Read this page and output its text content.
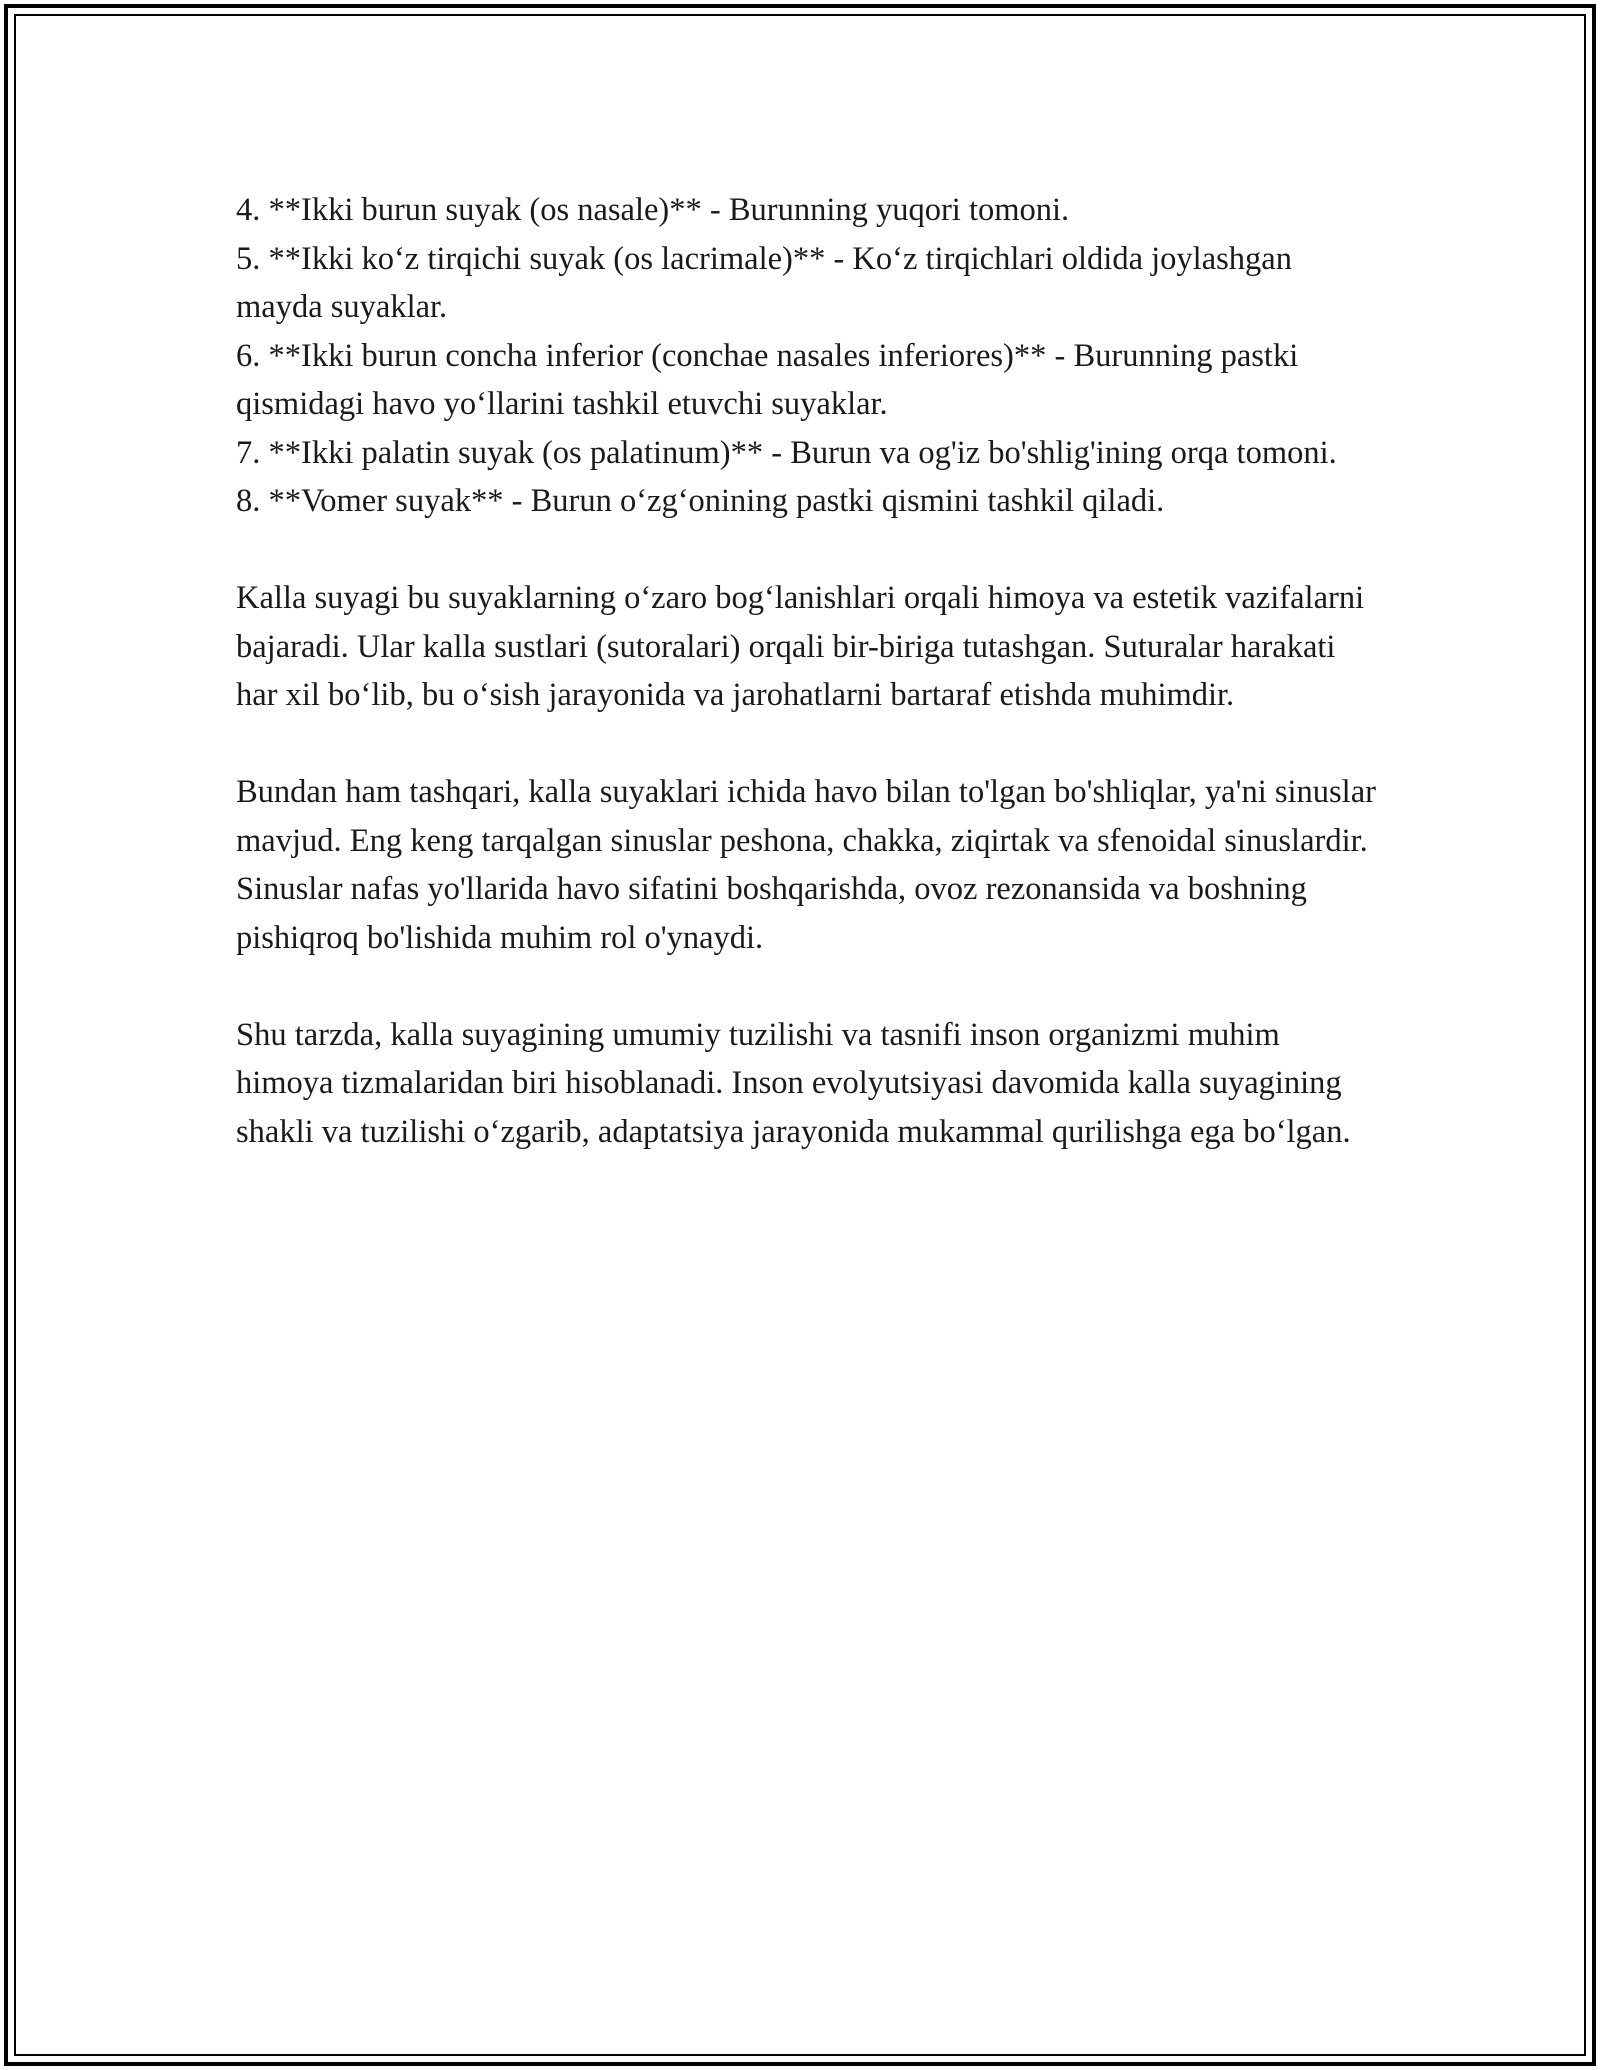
4. **Ikki burun suyak (os nasale)** - Burunning yuqori tomoni.

5. **Ikki ko‘z tirqichi suyak (os lacrimale)** - Ko‘z tirqichlari oldida joylashgan mayda suyaklar.

6. **Ikki burun concha inferior (conchae nasales inferiores)** - Burunning pastki qismidagi havo yo‘llarini tashkil etuvchi suyaklar.

7. **Ikki palatin suyak (os palatinum)** - Burun va og'iz bo'shlig'ining orqa tomoni.

8. **Vomer suyak** - Burun o‘zg‘onining pastki qismini tashkil qiladi.

Kalla suyagi bu suyaklarning o‘zaro bog‘lanishlari orqali himoya va estetik vazifalarni bajaradi. Ular kalla sustlari (sutoralari) orqali bir-biriga tutashgan. Suturalar harakati har xil bo‘lib, bu o‘sish jarayonida va jarohatlarni bartaraf etishda muhimdir.

Bundan ham tashqari, kalla suyaklari ichida havo bilan to'lgan bo'shliqlar, ya'ni sinuslar mavjud. Eng keng tarqalgan sinuslar peshona, chakka, ziqirtak va sfenoidal sinuslardir. Sinuslar nafas yo'llarida havo sifatini boshqarishda, ovoz rezonansida va boshning pishiqroq bo'lishida muhim rol o'ynaydi.

Shu tarzda, kalla suyagining umumiy tuzilishi va tasnifi inson organizmi muhim himoya tizmalaridan biri hisoblanadi. Inson evolyutsiyasi davomida kalla suyagining shakli va tuzilishi o‘zgarib, adaptatsiya jarayonida mukammal qurilishga ega bo‘lgan.
